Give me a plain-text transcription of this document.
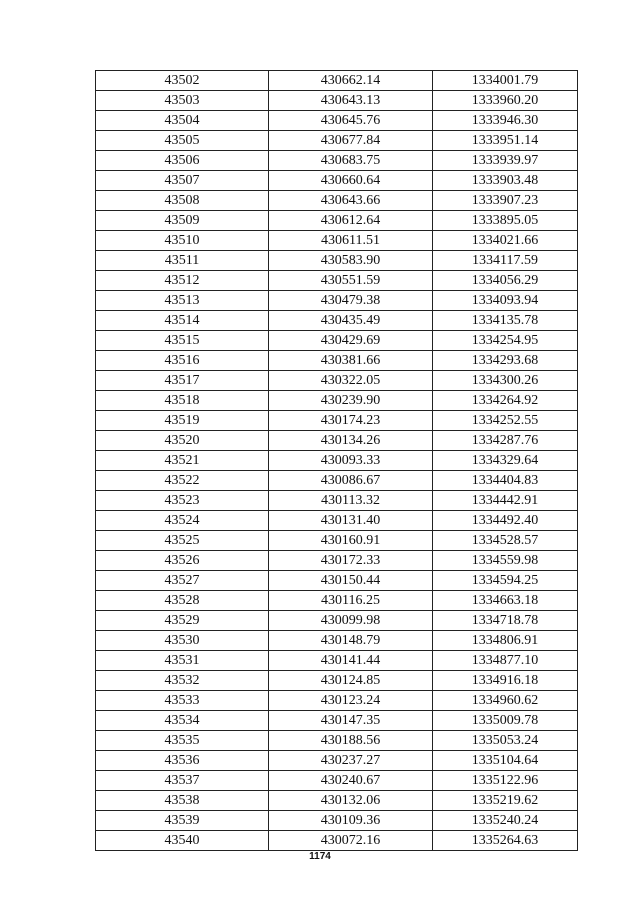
43502	430662.14	1334001.79
43503	430643.13	1333960.20
43504	430645.76	1333946.30
43505	430677.84	1333951.14
43506	430683.75	1333939.97
43507	430660.64	1333903.48
43508	430643.66	1333907.23
43509	430612.64	1333895.05
43510	430611.51	1334021.66
43511	430583.90	1334117.59
43512	430551.59	1334056.29
43513	430479.38	1334093.94
43514	430435.49	1334135.78
43515	430429.69	1334254.95
43516	430381.66	1334293.68
43517	430322.05	1334300.26
43518	430239.90	1334264.92
43519	430174.23	1334252.55
43520	430134.26	1334287.76
43521	430093.33	1334329.64
43522	430086.67	1334404.83
43523	430113.32	1334442.91
43524	430131.40	1334492.40
43525	430160.91	1334528.57
43526	430172.33	1334559.98
43527	430150.44	1334594.25
43528	430116.25	1334663.18
43529	430099.98	1334718.78
43530	430148.79	1334806.91
43531	430141.44	1334877.10
43532	430124.85	1334916.18
43533	430123.24	1334960.62
43534	430147.35	1335009.78
43535	430188.56	1335053.24
43536	430237.27	1335104.64
43537	430240.67	1335122.96
43538	430132.06	1335219.62
43539	430109.36	1335240.24
43540	430072.16	1335264.63
1174
